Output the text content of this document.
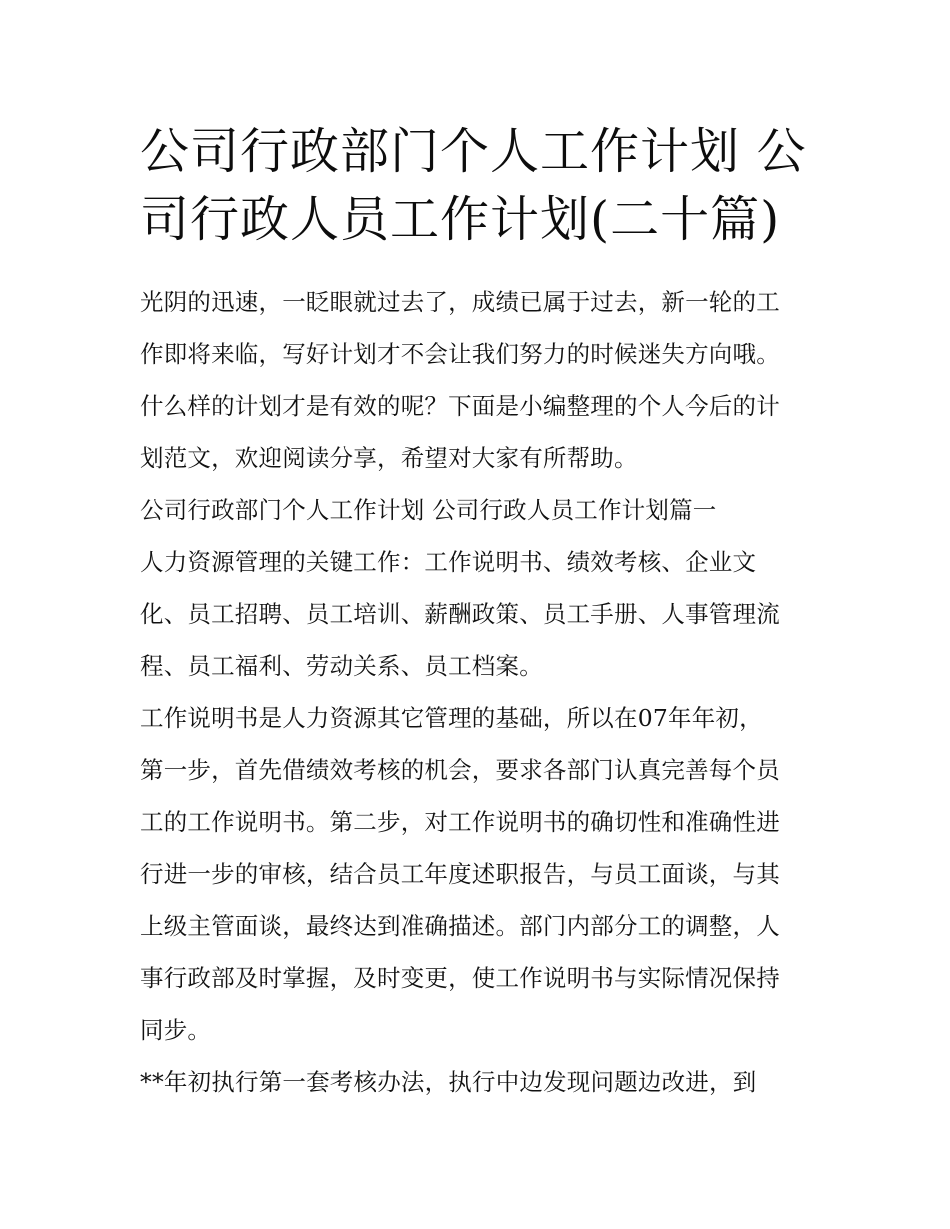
公司行政部门个人工作计划 公
司行政人员工作计划(二十篇)
光阴的迅速，一眨眼就过去了，成绩已属于过去，新一轮的工
作即将来临，写好计划才不会让我们努力的时候迷失方向哦。
什么样的计划才是有效的呢？下面是小编整理的个人今后的计
划范文，欢迎阅读分享，希望对大家有所帮助。
公司行政部门个人工作计划 公司行政人员工作计划篇一
人力资源管理的关键工作：工作说明书、绩效考核、企业文
化、员工招聘、员工培训、薪酬政策、员工手册、人事管理流
程、员工福利、劳动关系、员工档案。
工作说明书是人力资源其它管理的基础，所以在07年年初，
第一步，首先借绩效考核的机会，要求各部门认真完善每个员
工的工作说明书。第二步，对工作说明书的确切性和准确性进
行进一步的审核，结合员工年度述职报告，与员工面谈，与其
上级主管面谈，最终达到准确描述。部门内部分工的调整，人
事行政部及时掌握，及时变更，使工作说明书与实际情况保持
同步。
**年初执行第一套考核办法，执行中边发现问题边改进，到
